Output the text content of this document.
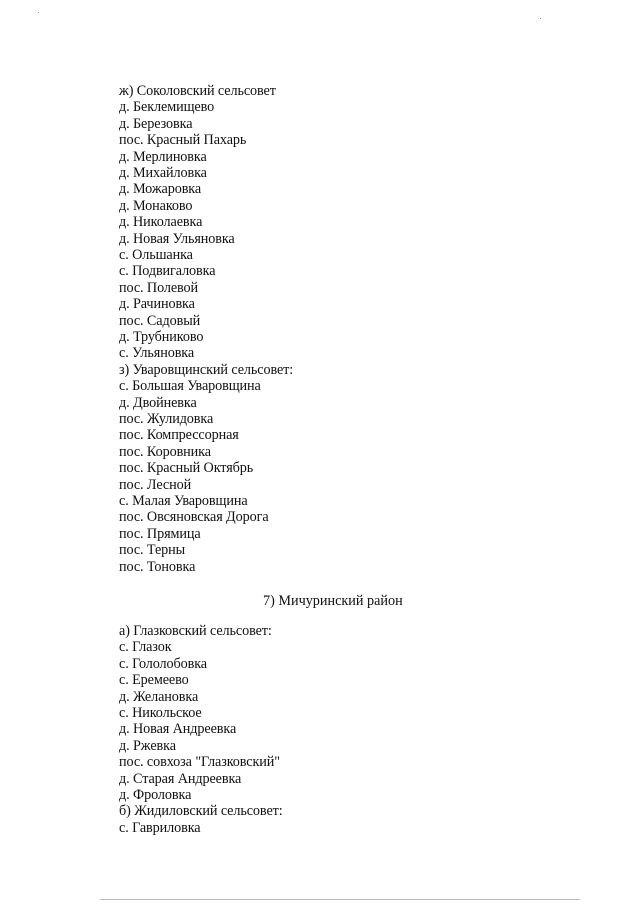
ж) Соколовский сельсовет
д. Беклемищево
д. Березовка
пос. Красный Пахарь
д. Мерлиновка
д. Михайловка
д. Можаровка
д. Монаково
д. Николаевка
д. Новая Ульяновка
с. Ольшанка
с. Подвигаловка
пос. Полевой
д. Рачиновка
пос. Садовый
д. Трубниково
с. Ульяновка
з) Уваровщинский сельсовет:
с. Большая Уваровщина
д. Двойневка
пос. Жулидовка
пос. Компрессорная
пос. Коровника
пос. Красный Октябрь
пос. Лесной
с. Малая Уваровщина
пос. Овсяновская Дорога
пос. Прямица
пос. Терны
пос. Тоновка
7) Мичуринский район
а) Глазковский сельсовет:
с. Глазок
с. Гололобовка
с. Еремеево
д. Желановка
с. Никольское
д. Новая Андреевка
д. Ржевка
пос. совхоза "Глазковский"
д. Старая Андреевка
д. Фроловка
б) Жидиловский сельсовет:
с. Гавриловка
